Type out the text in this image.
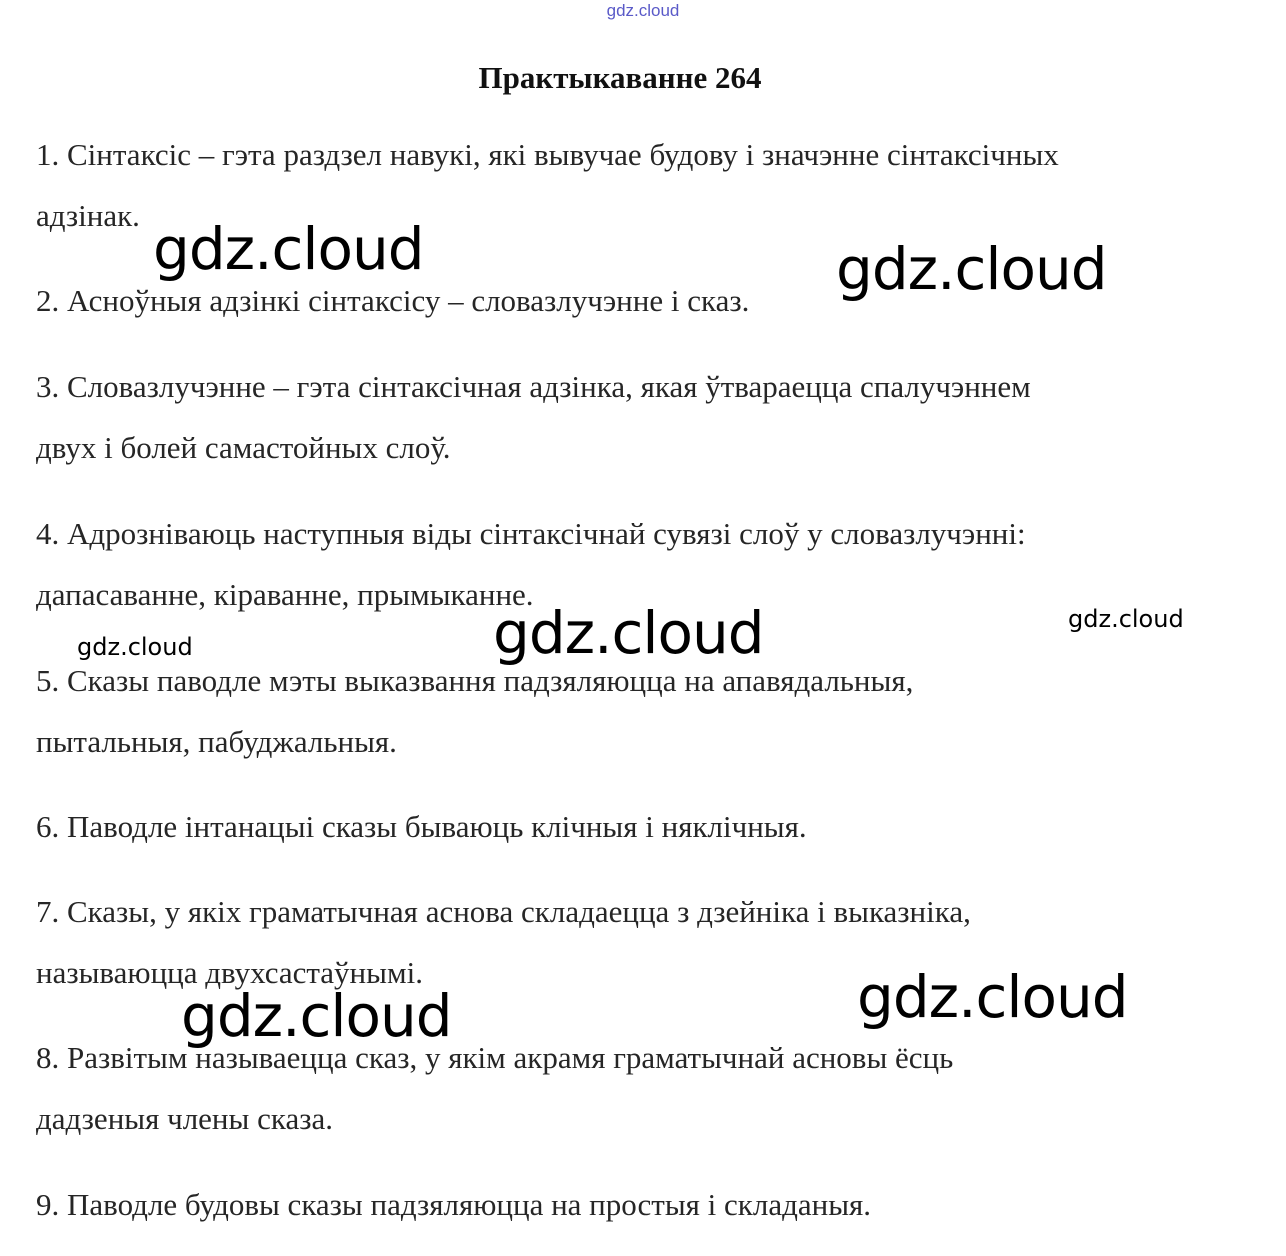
gdz.cloud
Практыкаванне 264
1. Сінтаксіс – гэта раздзел навукі, які вывучае будову і значэнне сінтаксічных
адзінак.
2. Асноўныя адзінкі сінтаксісу – словазлучэнне і сказ.
3. Словазлучэнне – гэта сінтаксічная адзінка, якая ўтвараецца спалучэннем
двух і болей самастойных слоў.
4. Адрозніваюць наступныя віды сінтаксічнай сувязі слоў у словазлучэнні:
дапасаванне, кіраванне, прымыканне.
5. Сказы паводле мэты выказвання падзяляюцца на апавядальныя,
пытальныя, пабуджальныя.
6. Паводле інтанацыі сказы бываюць клічныя і няклічныя.
7. Сказы, у якіх граматычная аснова складаецца з дзейніка і выказніка,
называюцца двухсастаўнымі.
8. Развітым называецца сказ, у якім акрамя граматычнай асновы ёсць
дадзеныя члены сказа.
9. Паводле будовы сказы падзяляюцца на простыя і складаныя.
gdz.cloud	gdz.cloud
gdz.cloud	gdz.cloud
gdz.cloud
gdz.cloud
gdz.cloud
